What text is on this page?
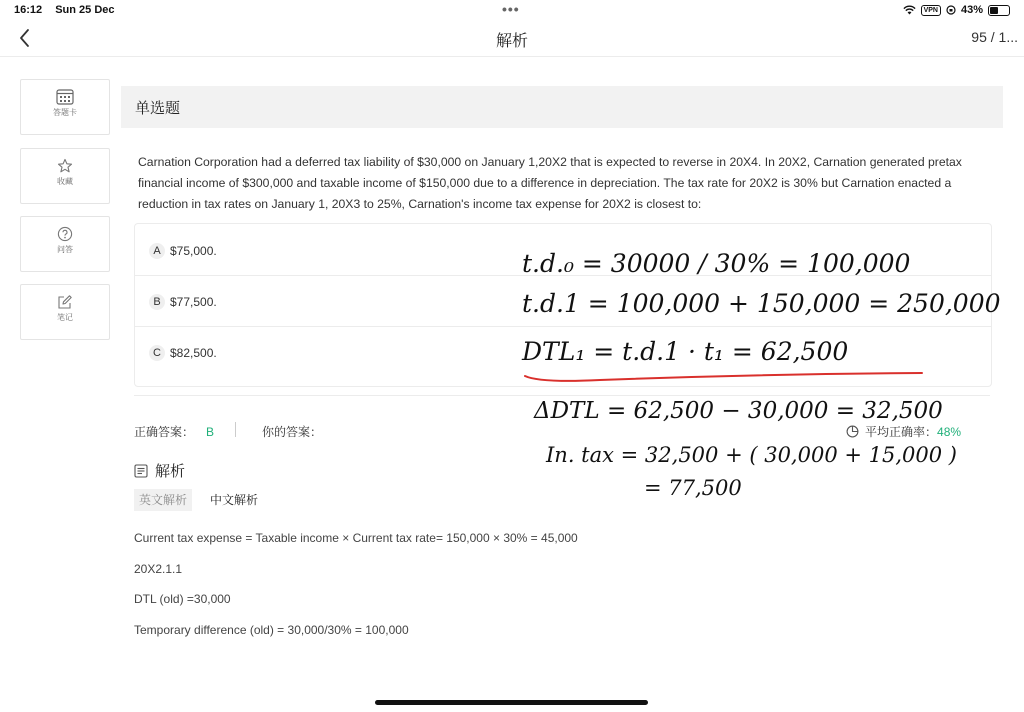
16:12 Sun 25 Dec	•••	VPN 43%
解析	95 / 1...
答题卡
收藏
问答
笔记
单选题

Carnation Corporation had a deferred tax liability of $30,000 on January 1,20X2 that is expected to reverse in 20X4. In 20X2, Carnation generated pretax financial income of $300,000 and taxable income of $150,000 due to a difference in depreciation. The tax rate for 20X2 is 30% but Carnation enacted a reduction in tax rates on January 1, 20X3 to 25%, Carnation's income tax expense for 20X2 is closest to:

A $75,000.
B $77,500.
C $82,500.
正确答案： B	你的答案：	平均正确率：48%
解析
英文解析	中文解析
Current tax expense = Taxable income × Current tax rate= 150,000 × 30% = 45,000
20X2.1.1
DTL (old) =30,000
Temporary difference (old) = 30,000/30% = 100,000
t.d.₀ = 30000 / 30% = 100,000
t.d.1 = 100,000 + 150,000 = 250,000
DTL₁ = t.d.1 · t₁ = 62,500
ΔDTL = 62,500 − 30,000 = 32,500
In. tax = 32,500 + ( 30,000 + 15,000 )
= 77,500
